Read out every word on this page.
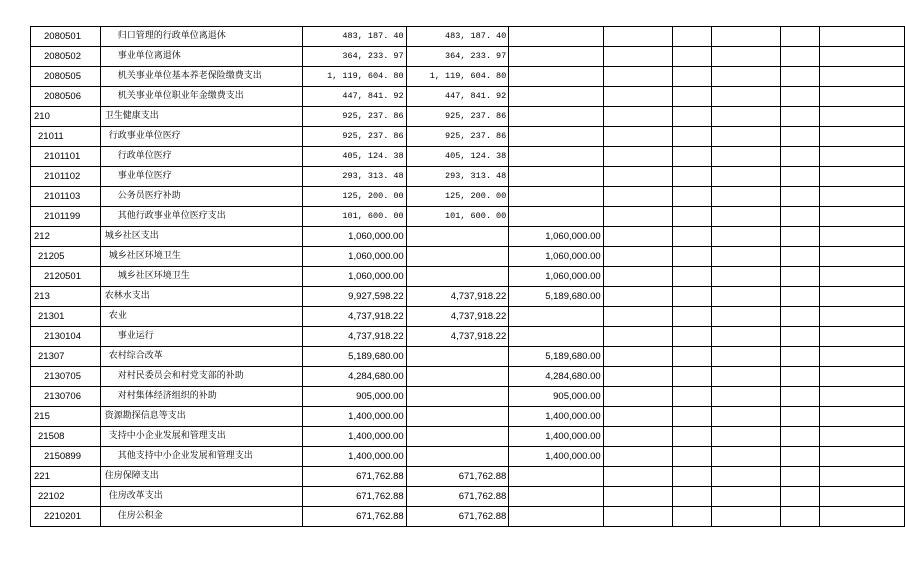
2080501	归口管理的行政单位离退休	483, 187. 40	483, 187. 40						
2080502	事业单位离退休	364, 233. 97	364, 233. 97						
2080505	机关事业单位基本养老保险缴费支出	1, 119, 604. 80	1, 119, 604. 80						
2080506	机关事业单位职业年金缴费支出	447, 841. 92	447, 841. 92						
210	卫生健康支出	925, 237. 86	925, 237. 86						
21011	行政事业单位医疗	925, 237. 86	925, 237. 86						
2101101	行政单位医疗	405, 124. 38	405, 124. 38						
2101102	事业单位医疗	293, 313. 48	293, 313. 48						
2101103	公务员医疗补助	125, 200. 00	125, 200. 00						
2101199	其他行政事业单位医疗支出	101, 600. 00	101, 600. 00						
212	城乡社区支出	1,060,000.00		1,060,000.00					
21205	城乡社区环境卫生	1,060,000.00		1,060,000.00					
2120501	城乡社区环境卫生	1,060,000.00		1,060,000.00					
213	农林水支出	9,927,598.22	4,737,918.22	5,189,680.00					
21301	农业	4,737,918.22	4,737,918.22						
2130104	事业运行	4,737,918.22	4,737,918.22						
21307	农村综合改革	5,189,680.00		5,189,680.00					
2130705	对村民委员会和村党支部的补助	4,284,680.00		4,284,680.00					
2130706	对村集体经济组织的补助	905,000.00		905,000.00					
215	资源勘探信息等支出	1,400,000.00		1,400,000.00					
21508	支持中小企业发展和管理支出	1,400,000.00		1,400,000.00					
2150899	其他支持中小企业发展和管理支出	1,400,000.00		1,400,000.00					
221	住房保障支出	671,762.88	671,762.88						
22102	住房改革支出	671,762.88	671,762.88						
2210201	住房公积金	671,762.88	671,762.88						
